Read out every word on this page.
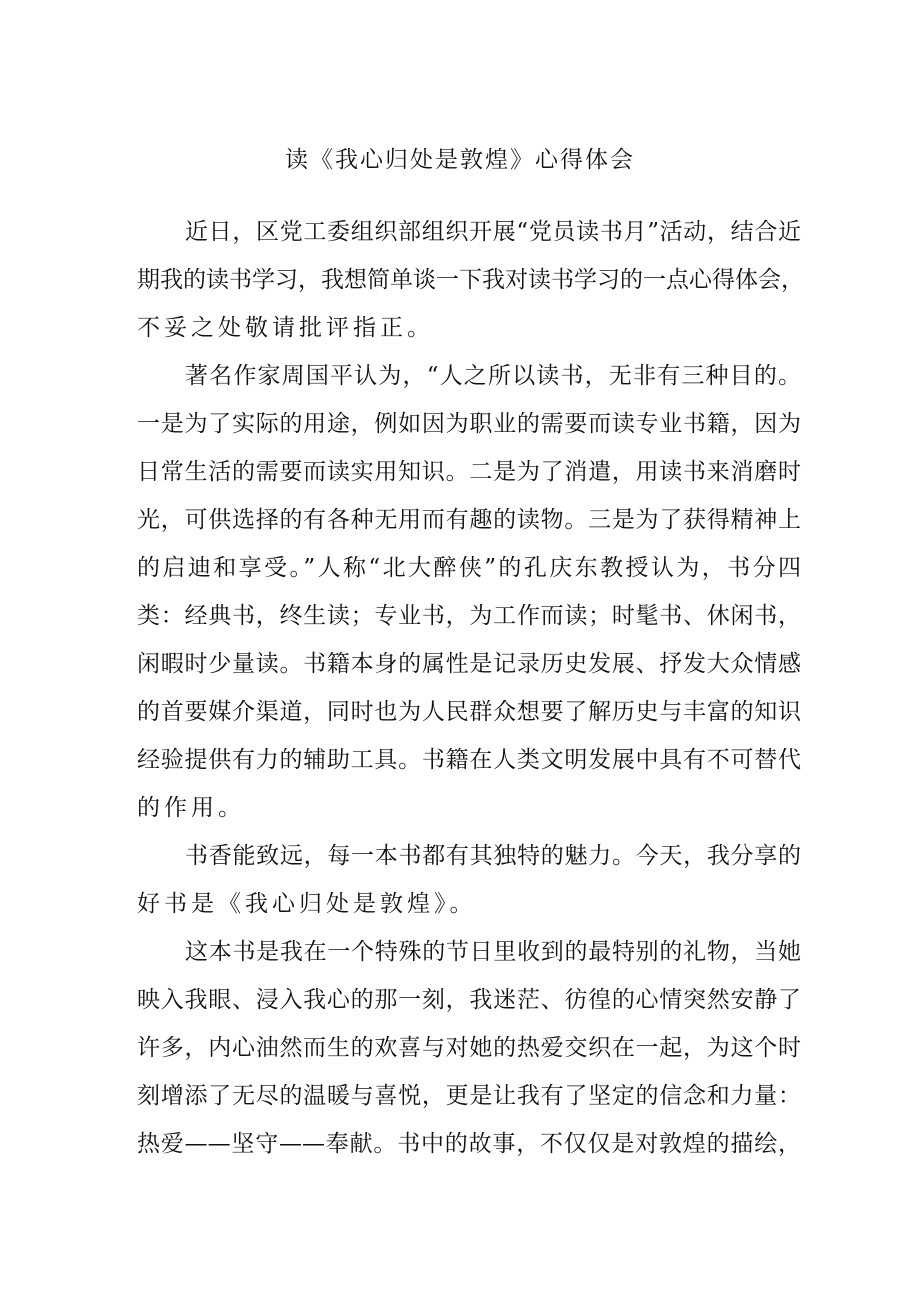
读《我心归处是敦煌》心得体会
近日，区党工委组织部组织开展“党员读书月”活动，结合近
期我的读书学习，我想简单谈一下我对读书学习的一点心得体会，
不妥之处敬请批评指正。
著名作家周国平认为，“人之所以读书，无非有三种目的。
一是为了实际的用途，例如因为职业的需要而读专业书籍，因为
日常生活的需要而读实用知识。二是为了消遣，用读书来消磨时
光，可供选择的有各种无用而有趣的读物。三是为了获得精神上
的启迪和享受。”人称“北大醉侠”的孔庆东教授认为，书分四
类：经典书，终生读；专业书，为工作而读；时髦书、休闲书，
闲暇时少量读。书籍本身的属性是记录历史发展、抒发大众情感
的首要媒介渠道，同时也为人民群众想要了解历史与丰富的知识
经验提供有力的辅助工具。书籍在人类文明发展中具有不可替代
的作用。
书香能致远，每一本书都有其独特的魅力。今天，我分享的
好书是《我心归处是敦煌》。
这本书是我在一个特殊的节日里收到的最特别的礼物，当她
映入我眼、浸入我心的那一刻，我迷茫、彷徨的心情突然安静了
许多，内心油然而生的欢喜与对她的热爱交织在一起，为这个时
刻增添了无尽的温暖与喜悦，更是让我有了坚定的信念和力量：
热爱——坚守——奉献。书中的故事，不仅仅是对敦煌的描绘，
